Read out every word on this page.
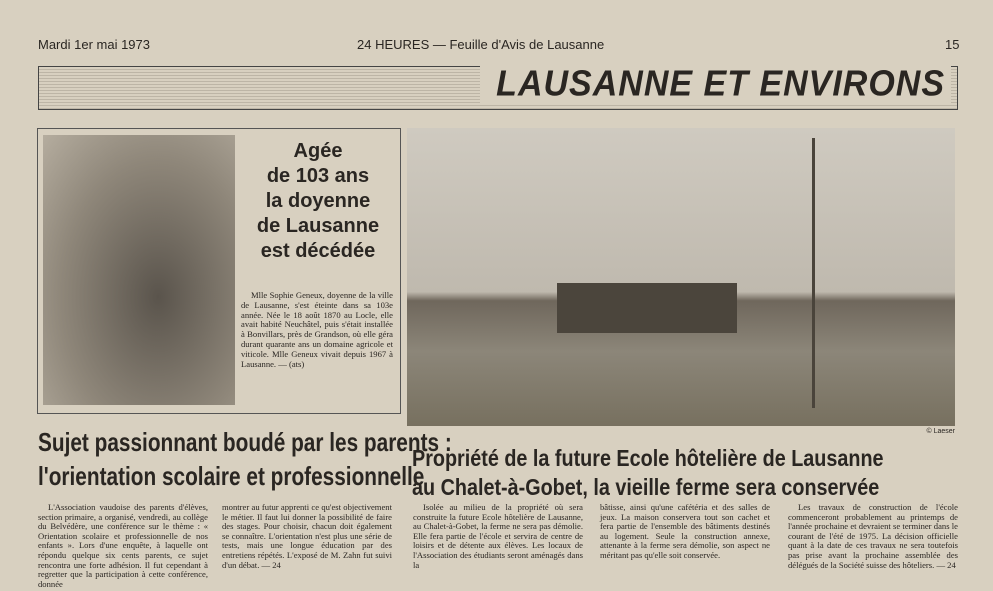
Mardi 1er mai 1973	24 HEURES — Feuille d'Avis de Lausanne	15
LAUSANNE ET ENVIRONS
Agée
de 103 ans
la doyenne
de Lausanne
est décédée
Mlle Sophie Geneux, doyenne de la ville de Lausanne, s'est éteinte dans sa 103e année. Née le 18 août 1870 au Locle, elle avait habité Neuchâtel, puis s'était installée à Bonvillars, près de Grandson, où elle géra durant quarante ans un domaine agricole et viticole. Mlle Geneux vivait depuis 1967 à Lausanne. — (ats)
© Laeser
Sujet passionnant boudé par les parents :
l'orientation scolaire et professionnelle
L'Association vaudoise des parents d'élèves, section primaire, a organisé, vendredi, au collège du Belvédère, une conférence sur le thème : « Orientation scolaire et professionnelle de nos enfants ». Lors d'une enquête, à laquelle ont répondu quelque six cents parents, ce sujet rencontra une forte adhésion. Il fut cependant à regretter que la participation à cette conférence, donnée
montrer au futur apprenti ce qu'est objectivement le métier. Il faut lui donner la possibilité de faire des stages. Pour choisir, chacun doit également se connaître. L'orientation n'est plus une série de tests, mais une longue éducation par des entretiens répétés. L'exposé de M. Zahn fut suivi d'un débat. — 24
Propriété de la future Ecole hôtelière de Lausanne
au Chalet-à-Gobet, la vieille ferme sera conservée
Isolée au milieu de la propriété où sera construite la future Ecole hôtelière de Lausanne, au Chalet-à-Gobet, la ferme ne sera pas démolie. Elle fera partie de l'école et servira de centre de loisirs et de détente aux élèves. Les locaux de l'Association des étudiants seront aménagés dans la
bâtisse, ainsi qu'une cafétéria et des salles de jeux. La maison conservera tout son cachet et fera partie de l'ensemble des bâtiments destinés au logement. Seule la construction annexe, attenante à la ferme sera démolie, son aspect ne méritant pas qu'elle soit conservée.
Les travaux de construction de l'école commenceront probablement au printemps de l'année prochaine et devraient se terminer dans le courant de l'été de 1975. La décision officielle quant à la date de ces travaux ne sera toutefois pas prise avant la prochaine assemblée des délégués de la Société suisse des hôteliers. — 24
